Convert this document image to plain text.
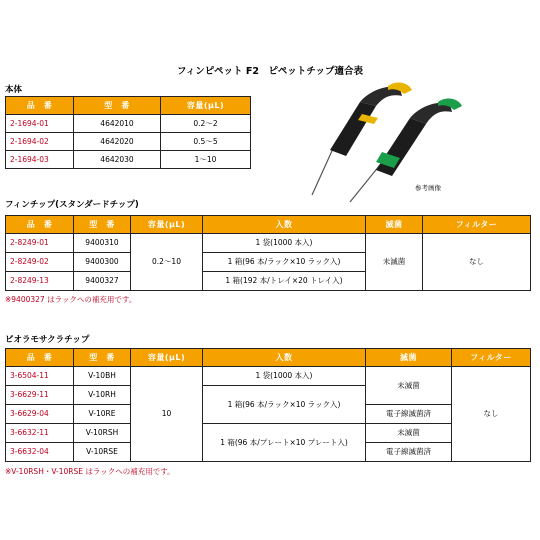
フィンピペット F2　ピペットチップ適合表
本体
品　番	型　番	容量(μL)
2-1694-01	4642010	0.2～2
2-1694-02	4642020	0.5～5
2-1694-03	4642030	1～10
参考画像
フィンチップ(スタンダードチップ)
品　番	型　番	容量(μL)	入数	滅菌	フィルター
2-8249-01	9400310	0.2～10	1 袋(1000 本入)	未滅菌	なし
2-8249-02	9400300		1 箱(96 本/ラック×10 ラック入)		
2-8249-13	9400327		1 箱(192 本/トレイ×20 トレイ入)		
※9400327 はラックへの補充用です。
ビオラモサクラチップ
品　番	型　番	容量(μL)	入数	滅菌	フィルター
3-6504-11	V-10BH	10	1 袋(1000 本入)	未滅菌	なし
3-6629-11	V-10RH		1 箱(96 本/ラック×10 ラック入)		
3-6629-04	V-10RE			電子線滅菌済	
3-6632-11	V-10RSH		1 箱(96 本/プレート×10 プレート入)	未滅菌	
3-6632-04	V-10RSE			電子線滅菌済	
※V-10RSH・V-10RSE はラックへの補充用です。
